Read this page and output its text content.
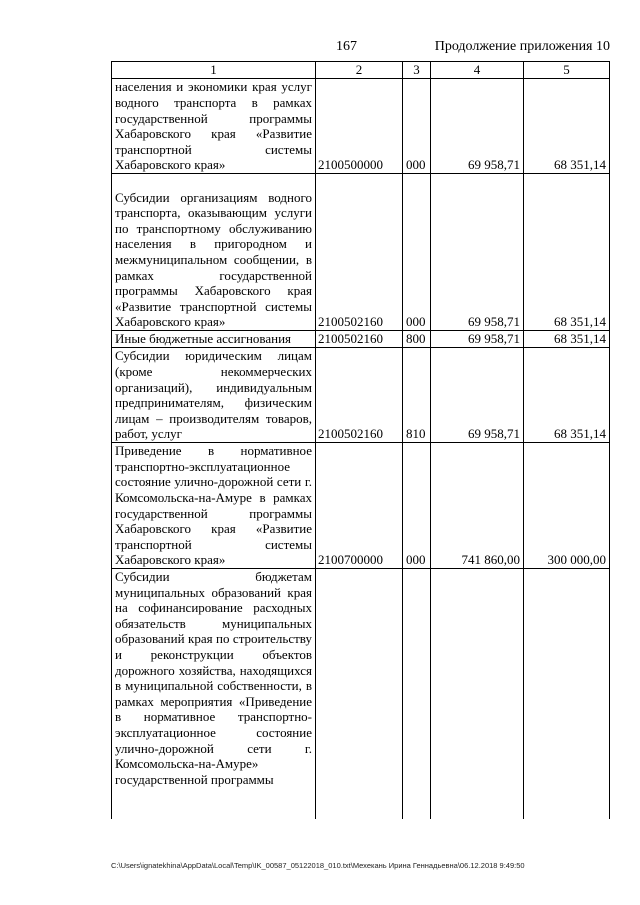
167	Продолжение приложения 10
1	2	3	4	5
населения и экономики края услуг водного транспорта в рамках государственной программы Хабаровского края «Развитие транспортной системы Хабаровского края»	2100500000	000	69 958,71	68 351,14
Субсидии организациям водного транспорта, оказывающим услуги по транспортному обслуживанию населения в пригородном и межмуниципальном сообщении, в рамках государственной программы Хабаровского края «Развитие транспортной системы Хабаровского края»	2100502160	000	69 958,71	68 351,14
Иные бюджетные ассигнования	2100502160	800	69 958,71	68 351,14
Субсидии юридическим лицам (кроме некоммерческих организаций), индивидуальным предпринимателям, физическим лицам – производителям товаров, работ, услуг	2100502160	810	69 958,71	68 351,14
Приведение в нормативное транспортно-эксплуатационное состояние улично-дорожной сети г. Комсомольска-на-Амуре в рамках государственной программы Хабаровского края «Развитие транспортной системы Хабаровского края»	2100700000	000	741 860,00	300 000,00
Субсидии бюджетам муниципальных образований края на софинансирование расходных обязательств муниципальных образований края по строительству и реконструкции объектов дорожного хозяйства, находящихся в муниципальной собственности, в рамках мероприятия «Приведение в нормативное транспортно-эксплуатационное состояние улично-дорожной сети г. Комсомольска-на-Амуре» государственной программы				
C:\Users\ignatekhina\AppData\Local\Temp\IK_00587_05122018_010.txt\Мехекань Ирина Геннадьевна\06.12.2018 9:49:50
